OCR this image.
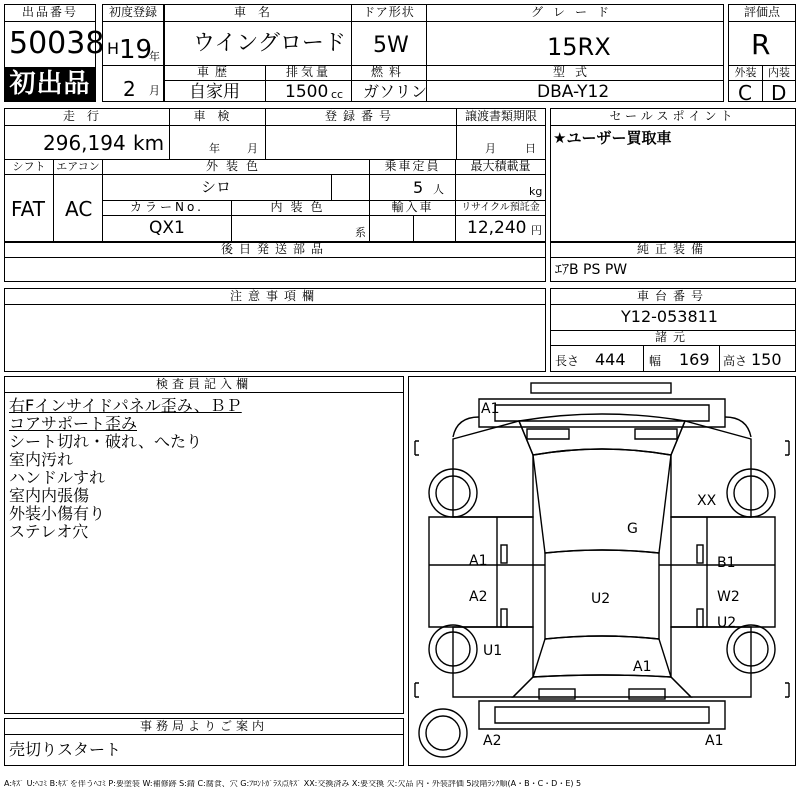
出品番号
50038
初出品
初度登録
H 19
年
2 月
車名
ウイングロード
ドア形状
5W
グレード
15RX
車歴
自家用
排気量
1500 cc
燃料
ガソリン
型式
DBA-Y12
評価点
R
外装	内装
C D
走行
296,194 km
車検
年 月
登録番号	譲渡書類期限
月	日
シフト
FAT
エアコン
AC
外装色
シロ
乗車定員
5 人
最大積載量
kg
カラーNo.
QX1
内装色
系
輸入車	リサイクル預託金
12,240 円
セールスポイント
★ユーザー買取車
後日発送部品	純正装備
ｴｱB PS PW
注意事項欄	車台番号
Y12-053811
諸元
長さ 444 幅 169 高さ 150
検査員記入欄
右Fインサイドパネル歪み、ＢＰ
コアサポート歪み
シート切れ・破れ、へたり
室内汚れ
ハンドルすれ
室内内張傷
外装小傷有り
ステレオ穴
A1
XX
G
A1
A2	U2
B1
W2
U2
U1
A1
A2	A1
事務局よりご案内
売切りスタート
A:ｷｽﾞ U:ﾍｺﾐ B:ｷｽﾞを伴うﾍｺﾐ P:要塗装 W:補修跡 S:錆 C:腐食、穴 G:ﾌﾛﾝﾄｶﾞﾗｽ点ｷｽﾞ XX:交換済み X:要交換 欠:欠品 内・外装評価 5段階ﾗﾝｸ順(A・B・C・D・E) 5
